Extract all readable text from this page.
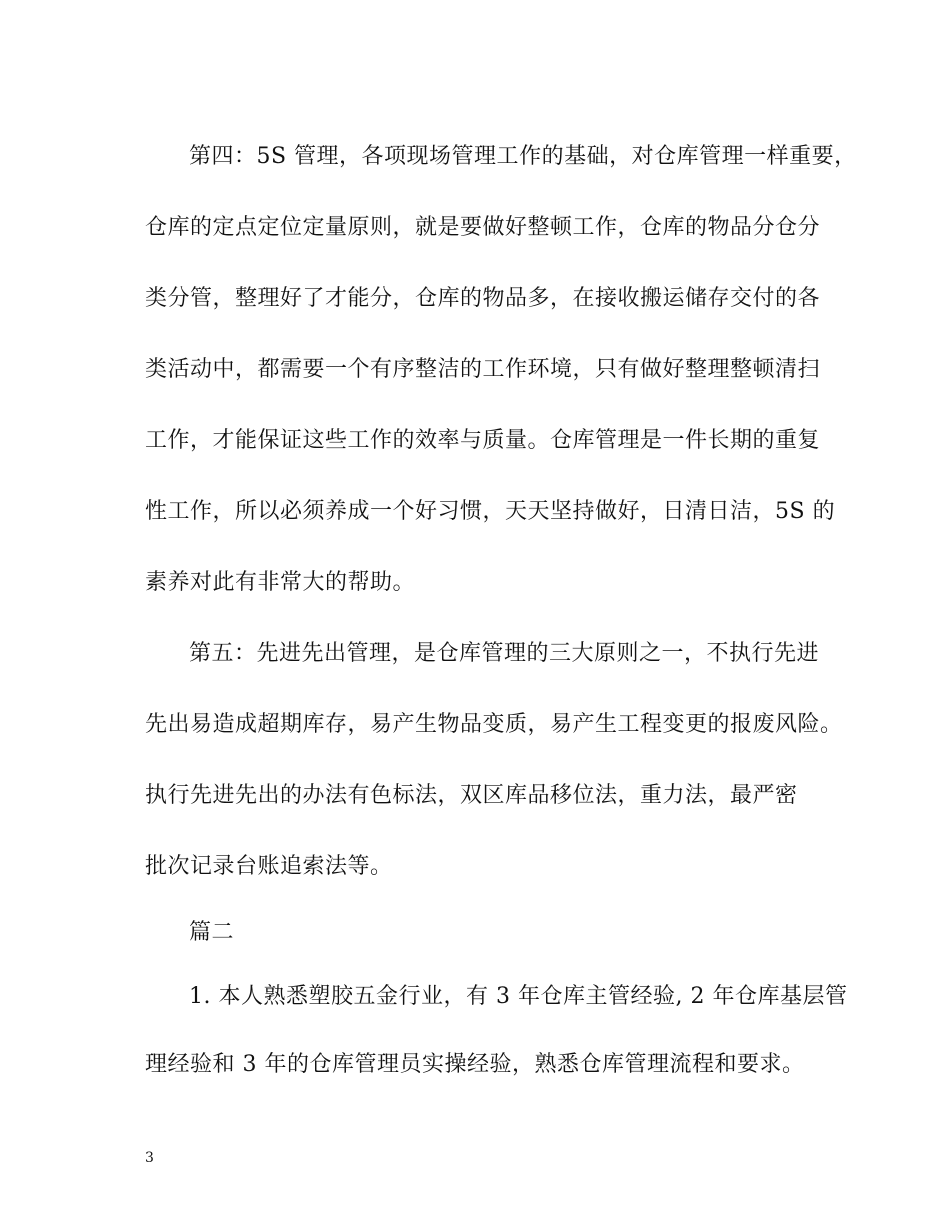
第四：5S 管理，各项现场管理工作的基础，对仓库管理一样重要，
仓库的定点定位定量原则，就是要做好整顿工作，仓库的物品分仓分
类分管，整理好了才能分，仓库的物品多，在接收搬运储存交付的各
类活动中，都需要一个有序整洁的工作环境，只有做好整理整顿清扫
工作，才能保证这些工作的效率与质量。仓库管理是一件长期的重复
性工作，所以必须养成一个好习惯，天天坚持做好，日清日洁，5S 的
素养对此有非常大的帮助。
第五：先进先出管理，是仓库管理的三大原则之一，不执行先进
先出易造成超期库存，易产生物品变质，易产生工程变更的报废风险。
执行先进先出的办法有色标法，双区库品移位法，重力法，最严密
批次记录台账追索法等。
篇二
1. 本人熟悉塑胶五金行业，有 3 年仓库主管经验, 2 年仓库基层管
理经验和 3 年的仓库管理员实操经验，熟悉仓库管理流程和要求。
3
